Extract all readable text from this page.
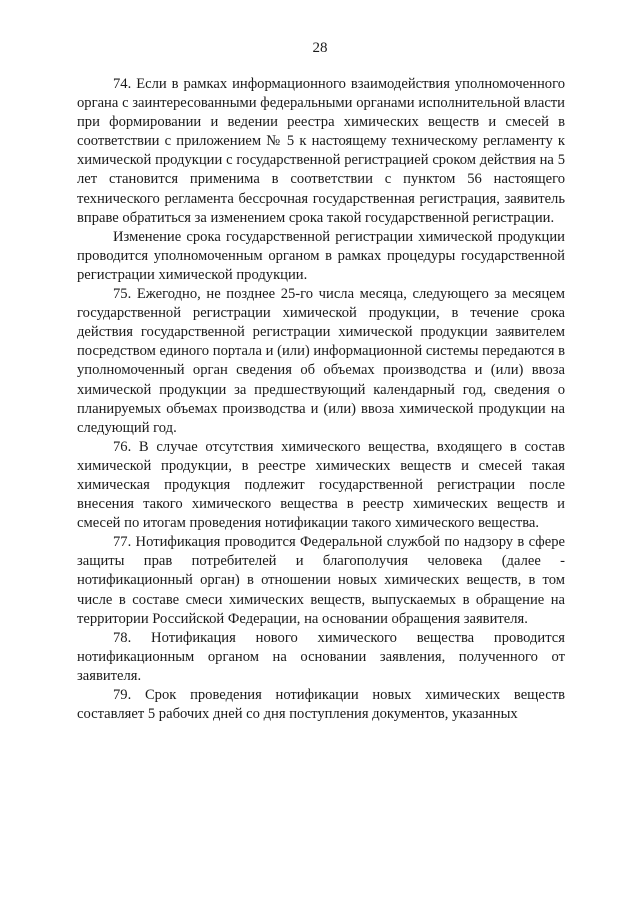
28

74. Если в рамках информационного взаимодействия уполномоченного органа с заинтересованными федеральными органами исполнительной власти при формировании и ведении реестра химических веществ и смесей в соответствии с приложением № 5 к настоящему техническому регламенту к химической продукции с государственной регистрацией сроком действия на 5 лет становится применима в соответствии с пунктом 56 настоящего технического регламента бессрочная государственная регистрация, заявитель вправе обратиться за изменением срока такой государственной регистрации.

Изменение срока государственной регистрации химической продукции проводится уполномоченным органом в рамках процедуры государственной регистрации химической продукции.

75. Ежегодно, не позднее 25-го числа месяца, следующего за месяцем государственной регистрации химической продукции, в течение срока действия государственной регистрации химической продукции заявителем посредством единого портала и (или) информационной системы передаются в уполномоченный орган сведения об объемах производства и (или) ввоза химической продукции за предшествующий календарный год, сведения о планируемых объемах производства и (или) ввоза химической продукции на следующий год.

76. В случае отсутствия химического вещества, входящего в состав химической продукции, в реестре химических веществ и смесей такая химическая продукция подлежит государственной регистрации после внесения такого химического вещества в реестр химических веществ и смесей по итогам проведения нотификации такого химического вещества.

77. Нотификация проводится Федеральной службой по надзору в сфере защиты прав потребителей и благополучия человека (далее - нотификационный орган) в отношении новых химических веществ, в том числе в составе смеси химических веществ, выпускаемых в обращение на территории Российской Федерации, на основании обращения заявителя.

78. Нотификация нового химического вещества проводится нотификационным органом на основании заявления, полученного от заявителя.

79. Срок проведения нотификации новых химических веществ составляет 5 рабочих дней со дня поступления документов, указанных
